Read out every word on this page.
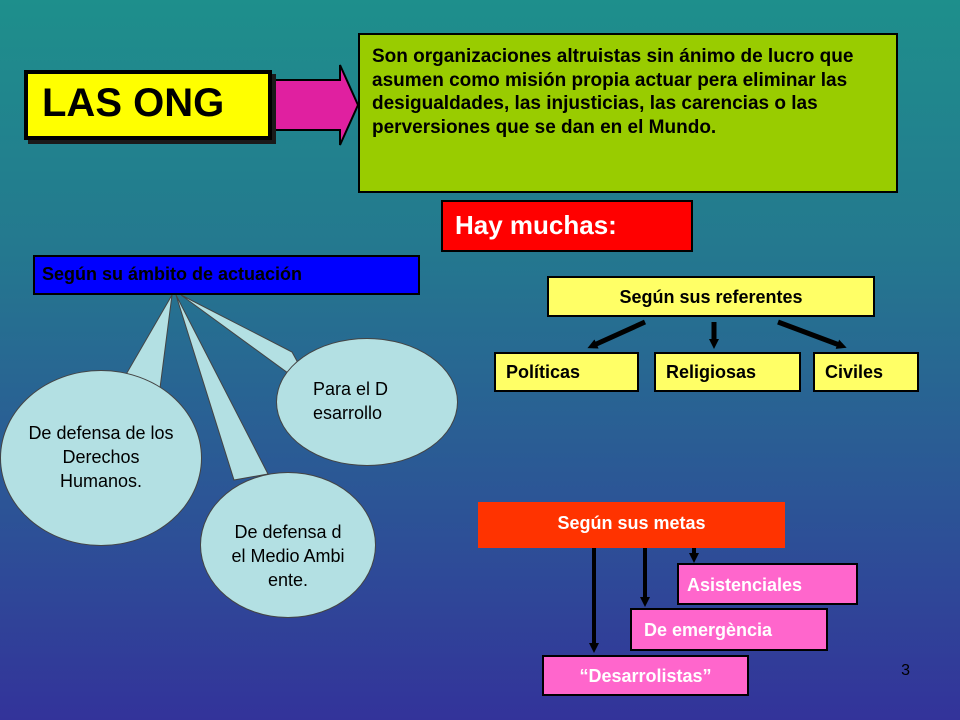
LAS ONG
Son organizaciones altruistas sin ánimo de lucro que asumen como misión propia actuar pera eliminar las desigualdades, las injusticias, las carencias o las perversiones que se dan en el Mundo.
Hay muchas:
Según su ámbito de actuación
De defensa de los Derechos Humanos.
De defensa del Medio Ambiente.
Para el Desarrollo
Según sus referentes
Políticas	Religiosas	Civiles
Según sus metas
Asistenciales
De emergència
“Desarrolistas”	3
